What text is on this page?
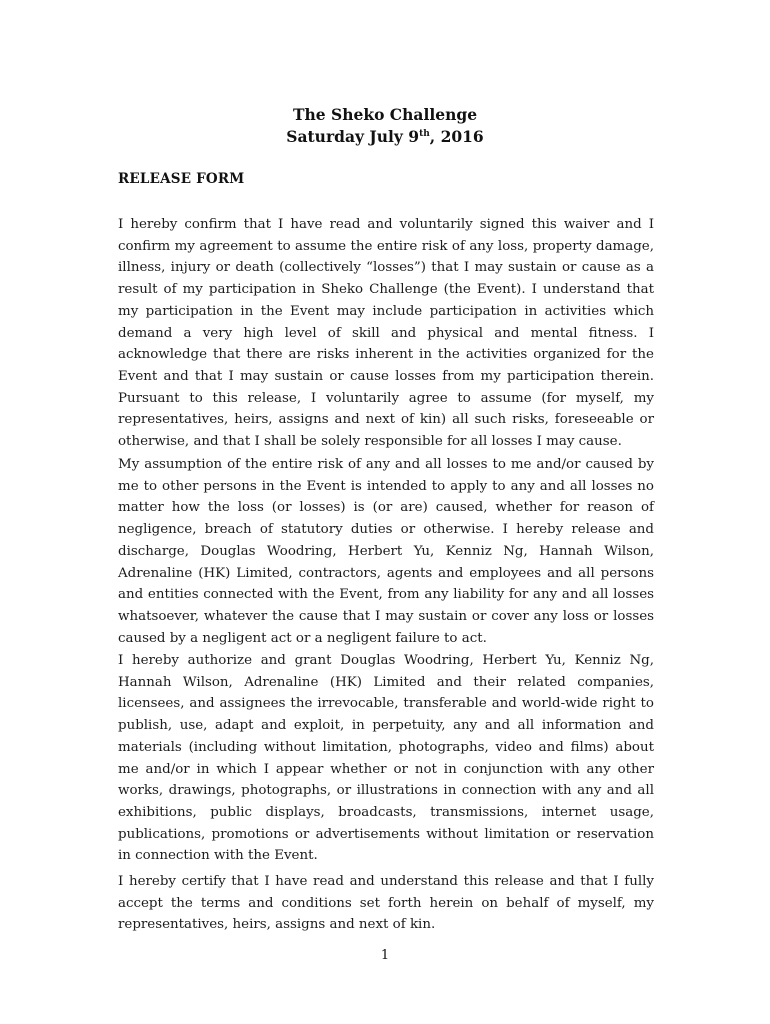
The Sheko Challenge
Saturday July 9th, 2016
RELEASE FORM

I hereby confirm that I have read and voluntarily signed this waiver and I confirm my agreement to assume the entire risk of any loss, property damage, illness, injury or death (collectively “losses”) that I may sustain or cause as a result of my participation in Sheko Challenge (the Event). I understand that my participation in the Event may include participation in activities which demand a very high level of skill and physical and mental fitness. I acknowledge that there are risks inherent in the activities organized for the Event and that I may sustain or cause losses from my participation therein. Pursuant to this release, I voluntarily agree to assume (for myself, my representatives, heirs, assigns and next of kin) all such risks, foreseeable or otherwise, and that I shall be solely responsible for all losses I may cause.

My assumption of the entire risk of any and all losses to me and/or caused by me to other persons in the Event is intended to apply to any and all losses no matter how the loss (or losses) is (or are) caused, whether for reason of negligence, breach of statutory duties or otherwise. I hereby release and discharge, Douglas Woodring, Herbert Yu, Kenniz Ng, Hannah Wilson, Adrenaline (HK) Limited, contractors, agents and employees and all persons and entities connected with the Event, from any liability for any and all losses whatsoever, whatever the cause that I may sustain or cover any loss or losses caused by a negligent act or a negligent failure to act.

I hereby authorize and grant Douglas Woodring, Herbert Yu, Kenniz Ng, Hannah Wilson, Adrenaline (HK) Limited and their related companies, licensees, and assignees the irrevocable, transferable and world-wide right to publish, use, adapt and exploit, in perpetuity, any and all information and materials (including without limitation, photographs, video and films) about me and/or in which I appear whether or not in conjunction with any other works, drawings, photographs, or illustrations in connection with any and all exhibitions, public displays, broadcasts, transmissions, internet usage, publications, promotions or advertisements without limitation or reservation in connection with the Event.

I hereby certify that I have read and understand this release and that I fully accept the terms and conditions set forth herein on behalf of myself, my representatives, heirs, assigns and next of kin.

1
